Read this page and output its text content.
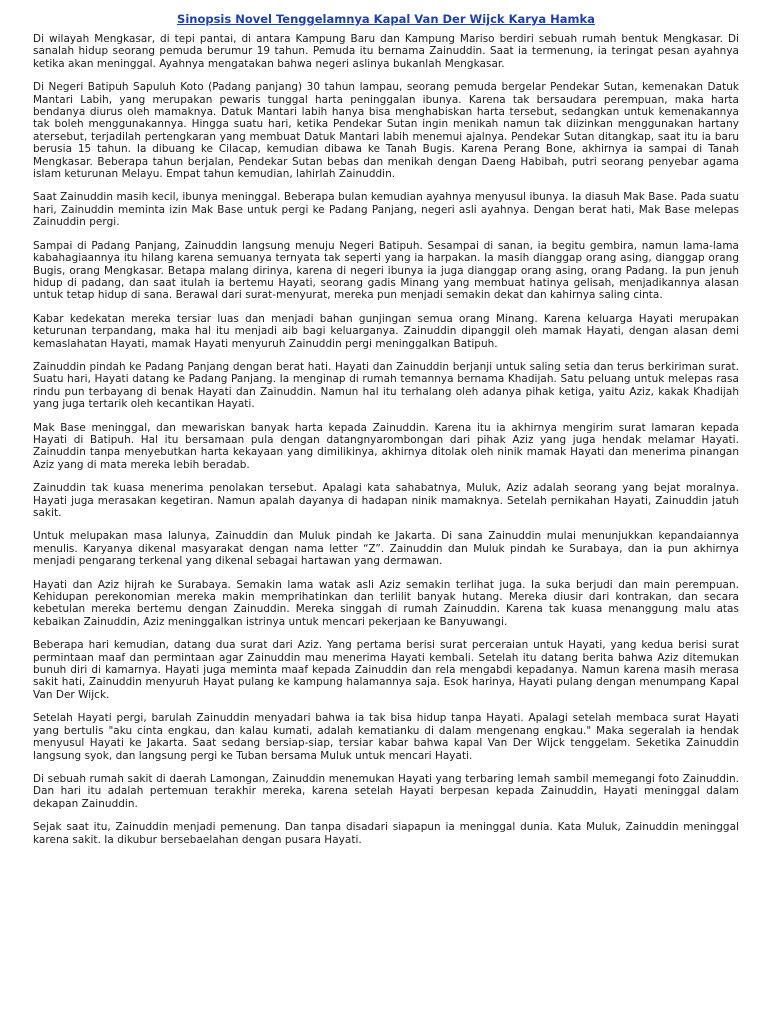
Sinopsis Novel Tenggelamnya Kapal Van Der Wijck Karya Hamka

Di wilayah Mengkasar, di tepi pantai, di antara Kampung Baru dan Kampung Mariso berdiri sebuah rumah bentuk Mengkasar. Di sanalah hidup seorang pemuda berumur 19 tahun. Pemuda itu bernama Zainuddin. Saat ia termenung, ia teringat pesan ayahnya ketika akan meninggal. Ayahnya mengatakan bahwa negeri aslinya bukanlah Mengkasar.

Di Negeri Batipuh Sapuluh Koto (Padang panjang) 30 tahun lampau, seorang pemuda bergelar Pendekar Sutan, kemenakan Datuk Mantari Labih, yang merupakan pewaris tunggal harta peninggalan ibunya. Karena tak bersaudara perempuan, maka harta bendanya diurus oleh mamaknya. Datuk Mantari labih hanya bisa menghabiskan harta tersebut, sedangkan untuk kemenakannya tak boleh menggunakannya. Hingga suatu hari, ketika Pendekar Sutan ingin menikah namun tak diizinkan menggunakan hartany atersebut, terjadilah pertengkaran yang membuat Datuk Mantari labih menemui ajalnya. Pendekar Sutan ditangkap, saat itu ia baru berusia 15 tahun. Ia dibuang ke Cilacap, kemudian dibawa ke Tanah Bugis. Karena Perang Bone, akhirnya ia sampai di Tanah Mengkasar. Beberapa tahun berjalan, Pendekar Sutan bebas dan menikah dengan Daeng Habibah, putri seorang penyebar agama islam keturunan Melayu. Empat tahun kemudian, lahirlah Zainuddin.

Saat Zainuddin masih kecil, ibunya meninggal. Beberapa bulan kemudian ayahnya menyusul ibunya. Ia diasuh Mak Base. Pada suatu hari, Zainuddin meminta izin Mak Base untuk pergi ke Padang Panjang, negeri asli ayahnya. Dengan berat hati, Mak Base melepas Zainuddin pergi.

Sampai di Padang Panjang, Zainuddin langsung menuju Negeri Batipuh. Sesampai di sanan, ia begitu gembira, namun lama-lama kabahagiaannya itu hilang karena semuanya ternyata tak seperti yang ia harpakan. Ia masih dianggap orang asing, dianggap orang Bugis, orang Mengkasar. Betapa malang dirinya, karena di negeri ibunya ia juga dianggap orang asing, orang Padang. Ia pun jenuh hidup di padang, dan saat itulah ia bertemu Hayati, seorang gadis Minang yang membuat hatinya gelisah, menjadikannya alasan untuk tetap hidup di sana. Berawal dari surat-menyurat, mereka pun menjadi semakin dekat dan kahirnya saling cinta.

Kabar kedekatan mereka tersiar luas dan menjadi bahan gunjingan semua orang Minang. Karena keluarga Hayati merupakan keturunan terpandang, maka hal itu menjadi aib bagi keluarganya. Zainuddin dipanggil oleh mamak Hayati, dengan alasan demi kemaslahatan Hayati, mamak Hayati menyuruh Zainuddin pergi meninggalkan Batipuh.

Zainuddin pindah ke Padang Panjang dengan berat hati. Hayati dan Zainuddin berjanji untuk saling setia dan terus berkiriman surat. Suatu hari, Hayati datang ke Padang Panjang. Ia menginap di rumah temannya bernama Khadijah. Satu peluang untuk melepas rasa rindu pun terbayang di benak Hayati dan Zainuddin. Namun hal itu terhalang oleh adanya pihak ketiga, yaitu Aziz, kakak Khadijah yang juga tertarik oleh kecantikan Hayati.

Mak Base meninggal, dan mewariskan banyak harta kepada Zainuddin. Karena itu ia akhirnya mengirim surat lamaran kepada Hayati di Batipuh. Hal itu bersamaan pula dengan datangnyarombongan dari pihak Aziz yang juga hendak melamar Hayati. Zainuddin tanpa menyebutkan harta kekayaan yang dimilikinya, akhirnya ditolak oleh ninik mamak Hayati dan menerima pinangan Aziz yang di mata mereka lebih beradab.

Zainuddin tak kuasa menerima penolakan tersebut. Apalagi kata sahabatnya, Muluk, Aziz adalah seorang yang bejat moralnya. Hayati juga merasakan kegetiran. Namun apalah dayanya di hadapan ninik mamaknya. Setelah pernikahan Hayati, Zainuddin jatuh sakit.

Untuk melupakan masa lalunya, Zainuddin dan Muluk pindah ke Jakarta. Di sana Zainuddin mulai menunjukkan kepandaiannya menulis. Karyanya dikenal masyarakat dengan nama letter “Z”. Zainuddin dan Muluk pindah ke Surabaya, dan ia pun akhirnya menjadi pengarang terkenal yang dikenal sebagai hartawan yang dermawan.

Hayati dan Aziz hijrah ke Surabaya. Semakin lama watak asli Aziz semakin terlihat juga. Ia suka berjudi dan main perempuan. Kehidupan perekonomian mereka makin memprihatinkan dan terlilit banyak hutang. Mereka diusir dari kontrakan, dan secara kebetulan mereka bertemu dengan Zainuddin. Mereka singgah di rumah Zainuddin. Karena tak kuasa menanggung malu atas kebaikan Zainuddin, Aziz meninggalkan istrinya untuk mencari pekerjaan ke Banyuwangi.

Beberapa hari kemudian, datang dua surat dari Aziz. Yang pertama berisi surat perceraian untuk Hayati, yang kedua berisi surat permintaan maaf dan permintaan agar Zainuddin mau menerima Hayati kembali. Setelah itu datang berita bahwa Aziz ditemukan bunuh diri di kamarnya. Hayati juga meminta maaf kepada Zainuddin dan rela mengabdi kepadanya. Namun karena masih merasa sakit hati, Zainuddin menyuruh Hayat pulang ke kampung halamannya saja. Esok harinya, Hayati pulang dengan menumpang Kapal Van Der Wijck.

Setelah Hayati pergi, barulah Zainuddin menyadari bahwa ia tak bisa hidup tanpa Hayati. Apalagi setelah membaca surat Hayati yang bertulis "aku cinta engkau, dan kalau kumati, adalah kematianku di dalam mengenang engkau." Maka segeralah ia hendak menyusul Hayati ke Jakarta. Saat sedang bersiap-siap, tersiar kabar bahwa kapal Van Der Wijck tenggelam. Seketika Zainuddin langsung syok, dan langsung pergi ke Tuban bersama Muluk untuk mencari Hayati.

Di sebuah rumah sakit di daerah Lamongan, Zainuddin menemukan Hayati yang terbaring lemah sambil memegangi foto Zainuddin. Dan hari itu adalah pertemuan terakhir mereka, karena setelah Hayati berpesan kepada Zainuddin, Hayati meninggal dalam dekapan Zainuddin.

Sejak saat itu, Zainuddin menjadi pemenung. Dan tanpa disadari siapapun ia meninggal dunia. Kata Muluk, Zainuddin meninggal karena sakit. Ia dikubur bersebaelahan dengan pusara Hayati.
